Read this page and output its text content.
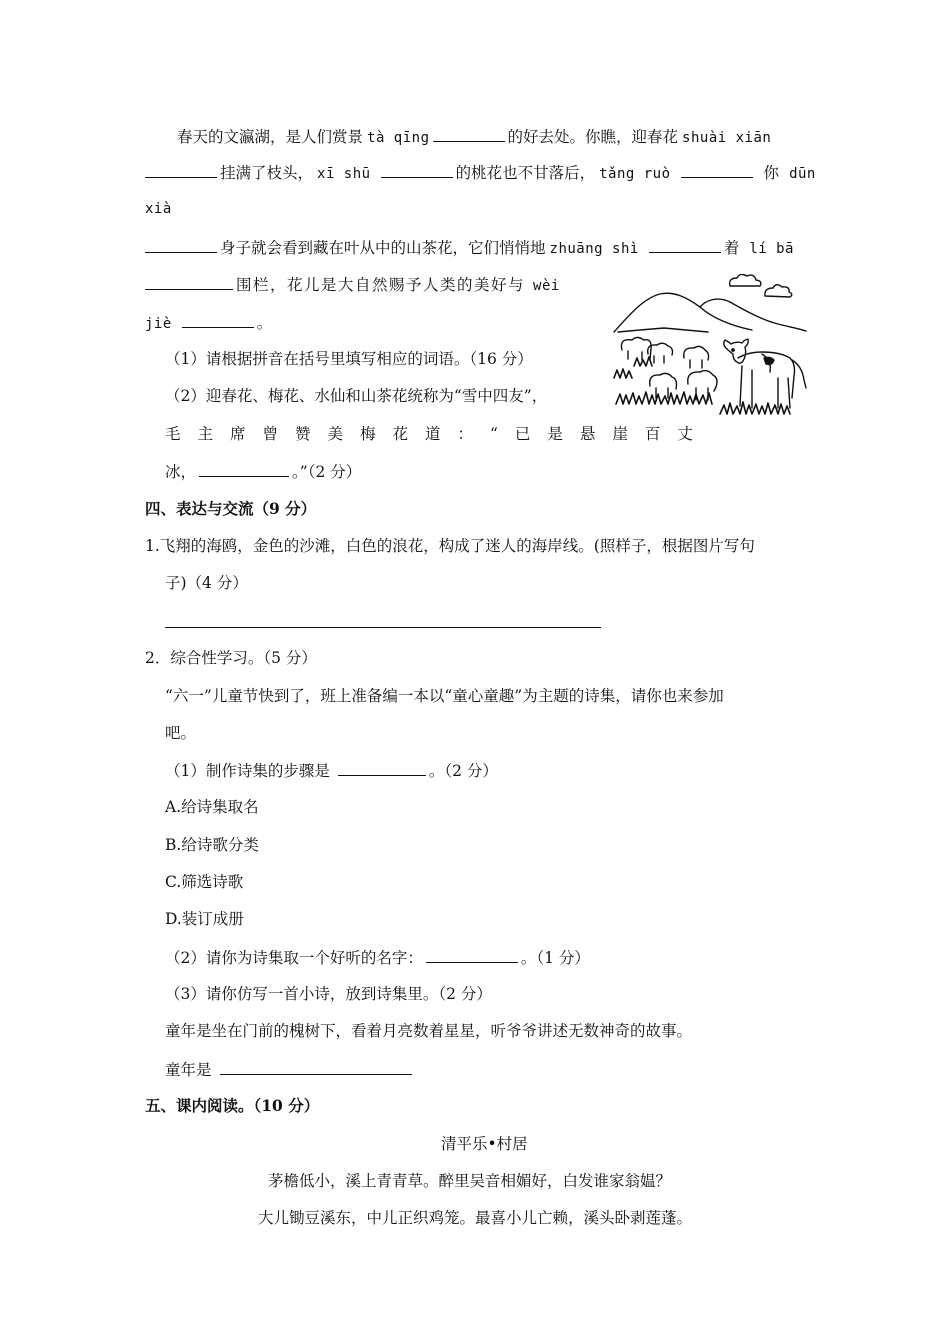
春天的文瀛湖，是人们赏景 tà qīng	的好去处。你瞧，迎春花 shuài xiān
挂满了枝头， xī shū	的桃花也不甘落后， tǎng ruò	你 dūn
xià
身子就会看到藏在叶从中的山茶花，它们悄悄地 zhuāng shì	着 lí bā
围栏，花儿是大自然赐予人类的美好与 wèi
jiè	。
（1）请根据拼音在括号里填写相应的词语。（16 分）
（2）迎春花、梅花、水仙和山茶花统称为“雪中四友”，
毛主席曾赞美梅花道：“已是悬崖百丈
冰，	。”（2 分）
四、表达与交流（9 分）
1.飞翔的海鸥，金色的沙滩，白色的浪花，构成了迷人的海岸线。(照样子，根据图片写句
子)（4 分）
2．综合性学习。（5 分）
“六一”儿童节快到了，班上准备编一本以“童心童趣”为主题的诗集，请你也来参加
吧。
（1）制作诗集的步骤是	。（2 分）
A.给诗集取名
B.给诗歌分类
C.筛选诗歌
D.装订成册
（2）请你为诗集取一个好听的名字：	。（1 分）
（3）请你仿写一首小诗，放到诗集里。（2 分）
童年是坐在门前的槐树下，看着月亮数着星星，听爷爷讲述无数神奇的故事。
童年是
五、课内阅读。（10 分）
清平乐•村居
茅檐低小，溪上青青草。醉里吴音相媚好，白发谁家翁媪？
大儿锄豆溪东，中儿正织鸡笼。最喜小儿亡赖，溪头卧剥莲蓬。
